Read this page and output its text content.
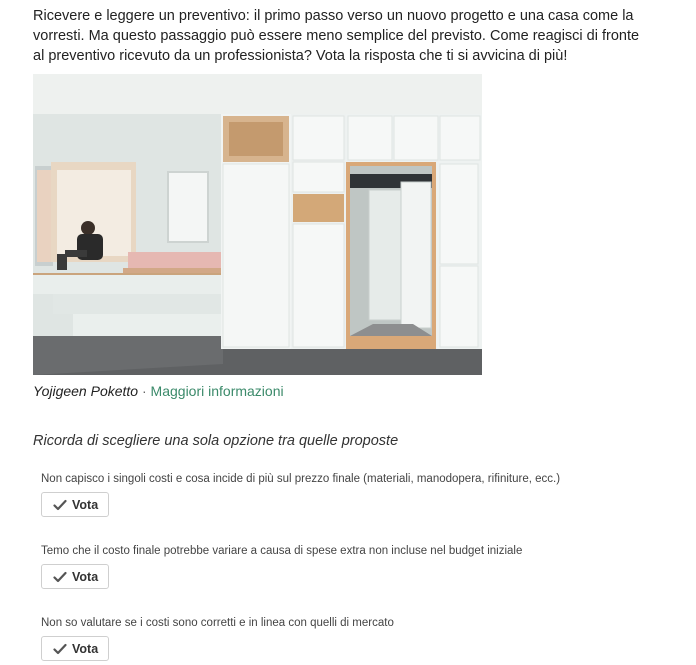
Ricevere e leggere un preventivo: il primo passo verso un nuovo progetto e una casa come la vorresti. Ma questo passaggio può essere meno semplice del previsto. Come reagisci di fronte al preventivo ricevuto da un professionista? Vota la risposta che ti si avvicina di più!

Yojigeen Poketto · Maggiori informazioni
Ricorda di scegliere una sola opzione tra quelle proposte
Non capisco i singoli costi e cosa incide di più sul prezzo finale (materiali, manodopera, rifiniture, ecc.)
Vota
Temo che il costo finale potrebbe variare a causa di spese extra non incluse nel budget iniziale
Vota
Non so valutare se i costi sono corretti e in linea con quelli di mercato
Vota
